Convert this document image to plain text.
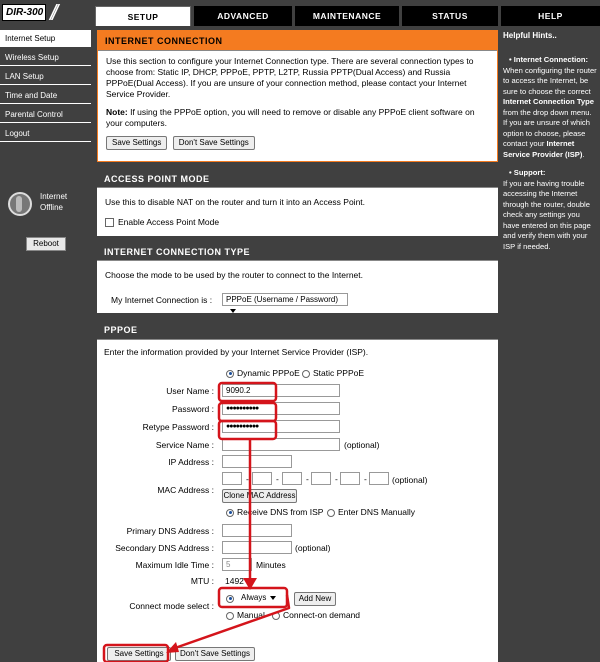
DIR-300 //	SETUP	ADVANCED	MAINTENANCE	STATUS	HELP
Internet Setup
Wireless Setup
LAN Setup
Time and Date
Parental Control
Logout
Internet
Offline
Reboot
INTERNET CONNECTION
Use this section to configure your Internet Connection type. There are several connection types to choose from: Static IP, DHCP, PPPoE, PPTP, L2TP, Russia PPTP(Dual Access) and Russia PPPoE(Dual Access). If you are unsure of your connection method, please contact your Internet Service Provider.
Note: If using the PPPoE option, you will need to remove or disable any PPPoE client software on your computers.
Save Settings Don't Save Settings
ACCESS POINT MODE
Use this to disable NAT on the router and turn it into an Access Point.
Enable Access Point Mode
INTERNET CONNECTION TYPE
Choose the mode to be used by the router to connect to the Internet.
My Internet Connection is :	PPPoE (Username / Password)
PPPOE
Enter the information provided by your Internet Service Provider (ISP).
Dynamic PPPoE	Static PPPoE
User Name :	9090.2
Password :	●●●●●●●●●●
Retype Password :	●●●●●●●●●●
Service Name :	(optional)
IP Address :
MAC Address :
-	-	-	-	-	(optional)
Clone MAC Address
Receive DNS from ISP	Enter DNS Manually
Primary DNS Address :
Secondary DNS Address :	(optional)
Maximum Idle Time :	5	Minutes
MTU : 1492
Connect mode select :
Always	Add New
Manual	Connect-on demand
Save Settings	Don't Save Settings
Helpful Hints..
• Internet Connection:
When configuring the router to access the Internet, be sure to choose the correct Internet Connection Type from the drop down menu. If you are unsure of which option to choose, please contact your Internet Service Provider (ISP).
• Support:
If you are having trouble accessing the Internet through the router, double check any settings you have entered on this page and verify them with your ISP if needed.
